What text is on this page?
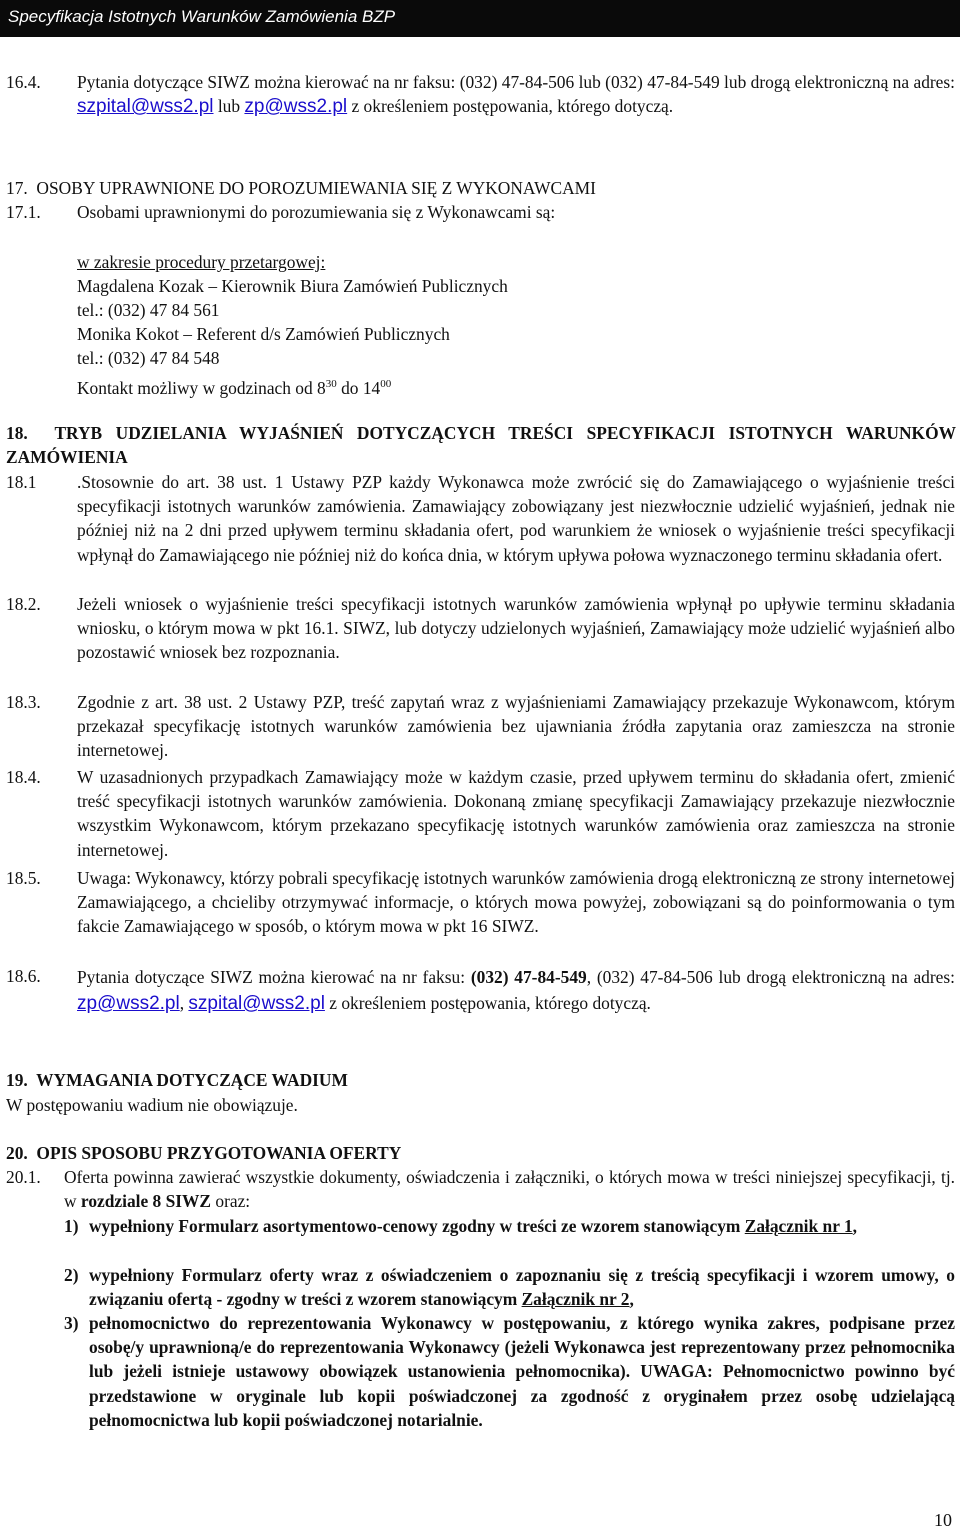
Specyfikacja Istotnych Warunków Zamówienia BZP
16.4. Pytania dotyczące SIWZ można kierować na nr faksu: (032) 47-84-506 lub (032) 47-84-549 lub drogą elektroniczną na adres: szpital@wss2.pl lub zp@wss2.pl z określeniem postępowania, którego dotyczą.
17.  OSOBY UPRAWNIONE DO POROZUMIEWANIA SIĘ Z WYKONAWCAMI
17.1. Osobami uprawnionymi do porozumiewania się z Wykonawcami są:
w zakresie procedury przetargowej:
Magdalena Kozak – Kierownik Biura Zamówień Publicznych
tel.: (032) 47 84 561
Monika Kokot – Referent d/s Zamówień Publicznych
tel.: (032) 47 84 548
Kontakt możliwy w godzinach od $8^{30}$ do $14^{00}$
18.  TRYB UDZIELANIA WYJAŚNIEŃ DOTYCZĄCYCH TREŚCI SPECYFIKACJI ISTOTNYCH WARUNKÓW ZAMÓWIENIA
18.1 .Stosownie do art. 38 ust. 1 Ustawy PZP każdy Wykonawca może zwrócić się do Zamawiającego o wyjaśnienie treści specyfikacji istotnych warunków zamówienia. Zamawiający zobowiązany jest niezwłocznie udzielić wyjaśnień, jednak nie później niż na 2 dni przed upływem terminu składania ofert, pod warunkiem że wniosek o wyjaśnienie treści specyfikacji wpłynął do Zamawiającego nie później niż do końca dnia, w którym upływa połowa wyznaczonego terminu składania ofert.
18.2. Jeżeli wniosek o wyjaśnienie treści specyfikacji istotnych warunków zamówienia wpłynął po upływie terminu składania wniosku, o którym mowa w pkt 16.1. SIWZ, lub dotyczy udzielonych wyjaśnień, Zamawiający może udzielić wyjaśnień albo pozostawić wniosek bez rozpoznania.
18.3. Zgodnie z art. 38 ust. 2 Ustawy PZP, treść zapytań wraz z wyjaśnieniami Zamawiający przekazuje Wykonawcom, którym przekazał specyfikację istotnych warunków zamówienia bez ujawniania źródła zapytania oraz zamieszcza na stronie internetowej.
18.4. W uzasadnionych przypadkach Zamawiający może w każdym czasie, przed upływem terminu do składania ofert, zmienić treść specyfikacji istotnych warunków zamówienia. Dokonaną zmianę specyfikacji Zamawiający przekazuje niezwłocznie wszystkim Wykonawcom, którym przekazano specyfikację istotnych warunków zamówienia oraz zamieszcza na stronie internetowej.
18.5. Uwaga: Wykonawcy, którzy pobrali specyfikację istotnych warunków zamówienia drogą elektroniczną ze strony internetowej Zamawiającego, a chcieliby otrzymywać informacje, o których mowa powyżej, zobowiązani są do poinformowania o tym fakcie Zamawiającego w sposób, o którym mowa w pkt 16 SIWZ.
18.6. Pytania dotyczące SIWZ można kierować na nr faksu: (032) 47-84-549, (032) 47-84-506 lub drogą elektroniczną na adres: zp@wss2.pl, szpital@wss2.pl z określeniem postępowania, którego dotyczą.
19.  WYMAGANIA DOTYCZĄCE WADIUM
W postępowaniu wadium nie obowiązuje.
20.  OPIS SPOSOBU PRZYGOTOWANIA OFERTY
20.1. Oferta powinna zawierać wszystkie dokumenty, oświadczenia i załączniki, o których mowa w treści niniejszej specyfikacji, tj. w rozdziale 8 SIWZ oraz:
1) wypełniony Formularz asortymentowo-cenowy zgodny w treści ze wzorem stanowiącym Załącznik nr 1,
2) wypełniony Formularz oferty wraz z oświadczeniem o zapoznaniu się z treścią specyfikacji i wzorem umowy, o związaniu ofertą - zgodny w treści z wzorem stanowiącym Załącznik nr 2,
3) pełnomocnictwo do reprezentowania Wykonawcy w postępowaniu, z którego wynika zakres, podpisane przez osobę/y uprawnioną/e do reprezentowania Wykonawcy (jeżeli Wykonawca jest reprezentowany przez pełnomocnika lub jeżeli istnieje ustawowy obowiązek ustanowienia pełnomocnika). UWAGA: Pełnomocnictwo powinno być przedstawione w oryginale lub kopii poświadczonej za zgodność z oryginałem przez osobę udzielającą pełnomocnictwa lub kopii poświadczonej notarialnie.
10
